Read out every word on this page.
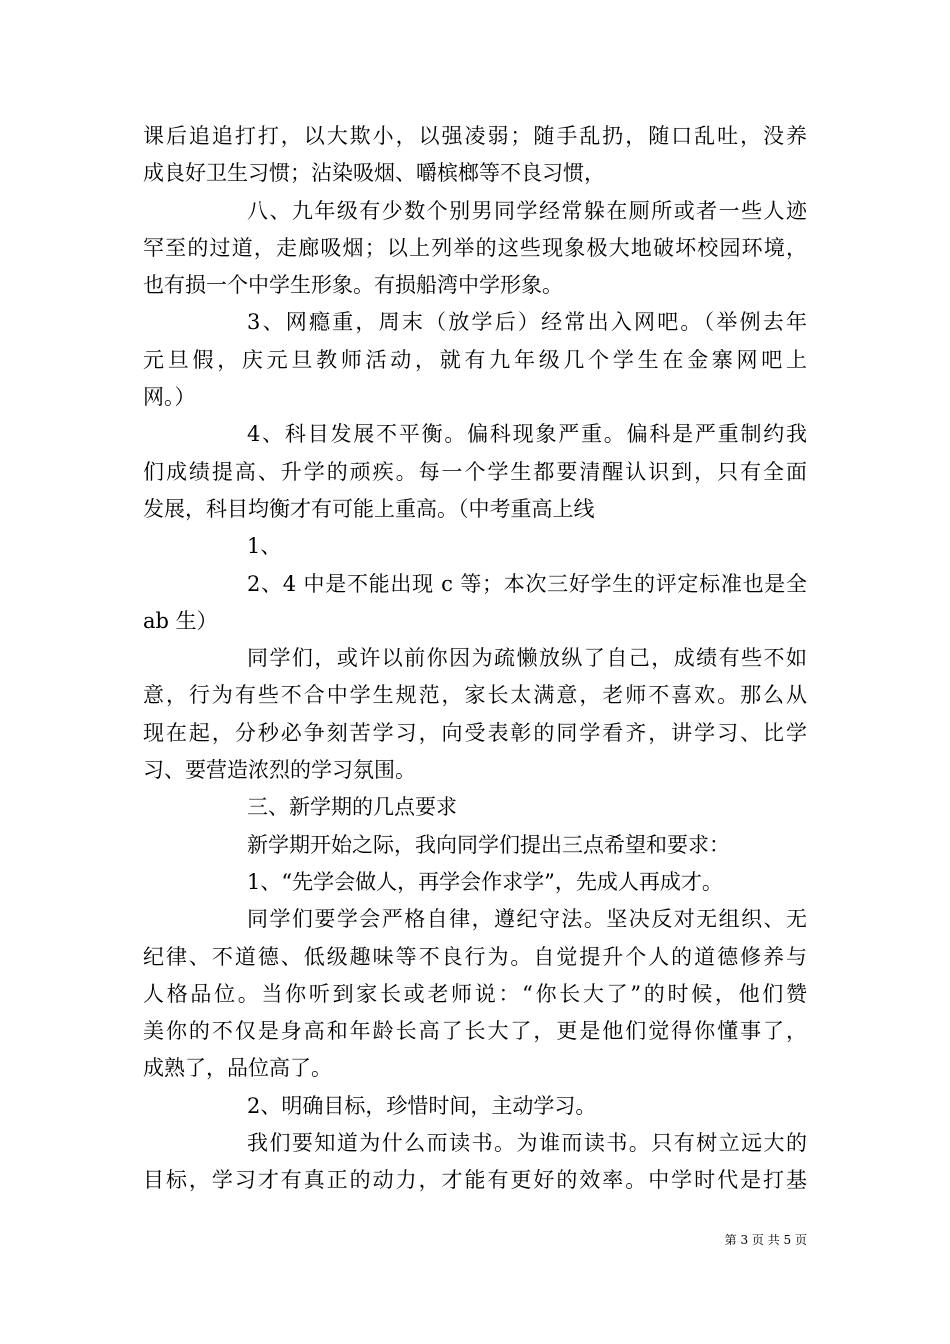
课后追追打打，以大欺小，以强凌弱；随手乱扔，随口乱吐，没养
成良好卫生习惯；沾染吸烟、嚼槟榔等不良习惯，
八、九年级有少数个别男同学经常躲在厕所或者一些人迹
罕至的过道，走廊吸烟；以上列举的这些现象极大地破坏校园环境，
也有损一个中学生形象。有损船湾中学形象。
3、网瘾重，周末（放学后）经常出入网吧。（举例去年
元旦假，庆元旦教师活动，就有九年级几个学生在金寨网吧上
网。）
4、科目发展不平衡。偏科现象严重。偏科是严重制约我
们成绩提高、升学的顽疾。每一个学生都要清醒认识到，只有全面
发展，科目均衡才有可能上重高。（中考重高上线
1、
2、4 中是不能出现 c 等；本次三好学生的评定标准也是全
ab 生）
同学们，或许以前你因为疏懒放纵了自己，成绩有些不如
意，行为有些不合中学生规范，家长太满意，老师不喜欢。那么从
现在起，分秒必争刻苦学习，向受表彰的同学看齐，讲学习、比学
习、要营造浓烈的学习氛围。
三、新学期的几点要求
新学期开始之际，我向同学们提出三点希望和要求：
1、“先学会做人，再学会作求学”，先成人再成才。
同学们要学会严格自律，遵纪守法。坚决反对无组织、无
纪律、不道德、低级趣味等不良行为。自觉提升个人的道德修养与
人格品位。当你听到家长或老师说：“你长大了”的时候，他们赞
美你的不仅是身高和年龄长高了长大了，更是他们觉得你懂事了，
成熟了，品位高了。
2、明确目标，珍惜时间，主动学习。
我们要知道为什么而读书。为谁而读书。只有树立远大的
目标，学习才有真正的动力，才能有更好的效率。中学时代是打基
第 3 页 共 5 页
